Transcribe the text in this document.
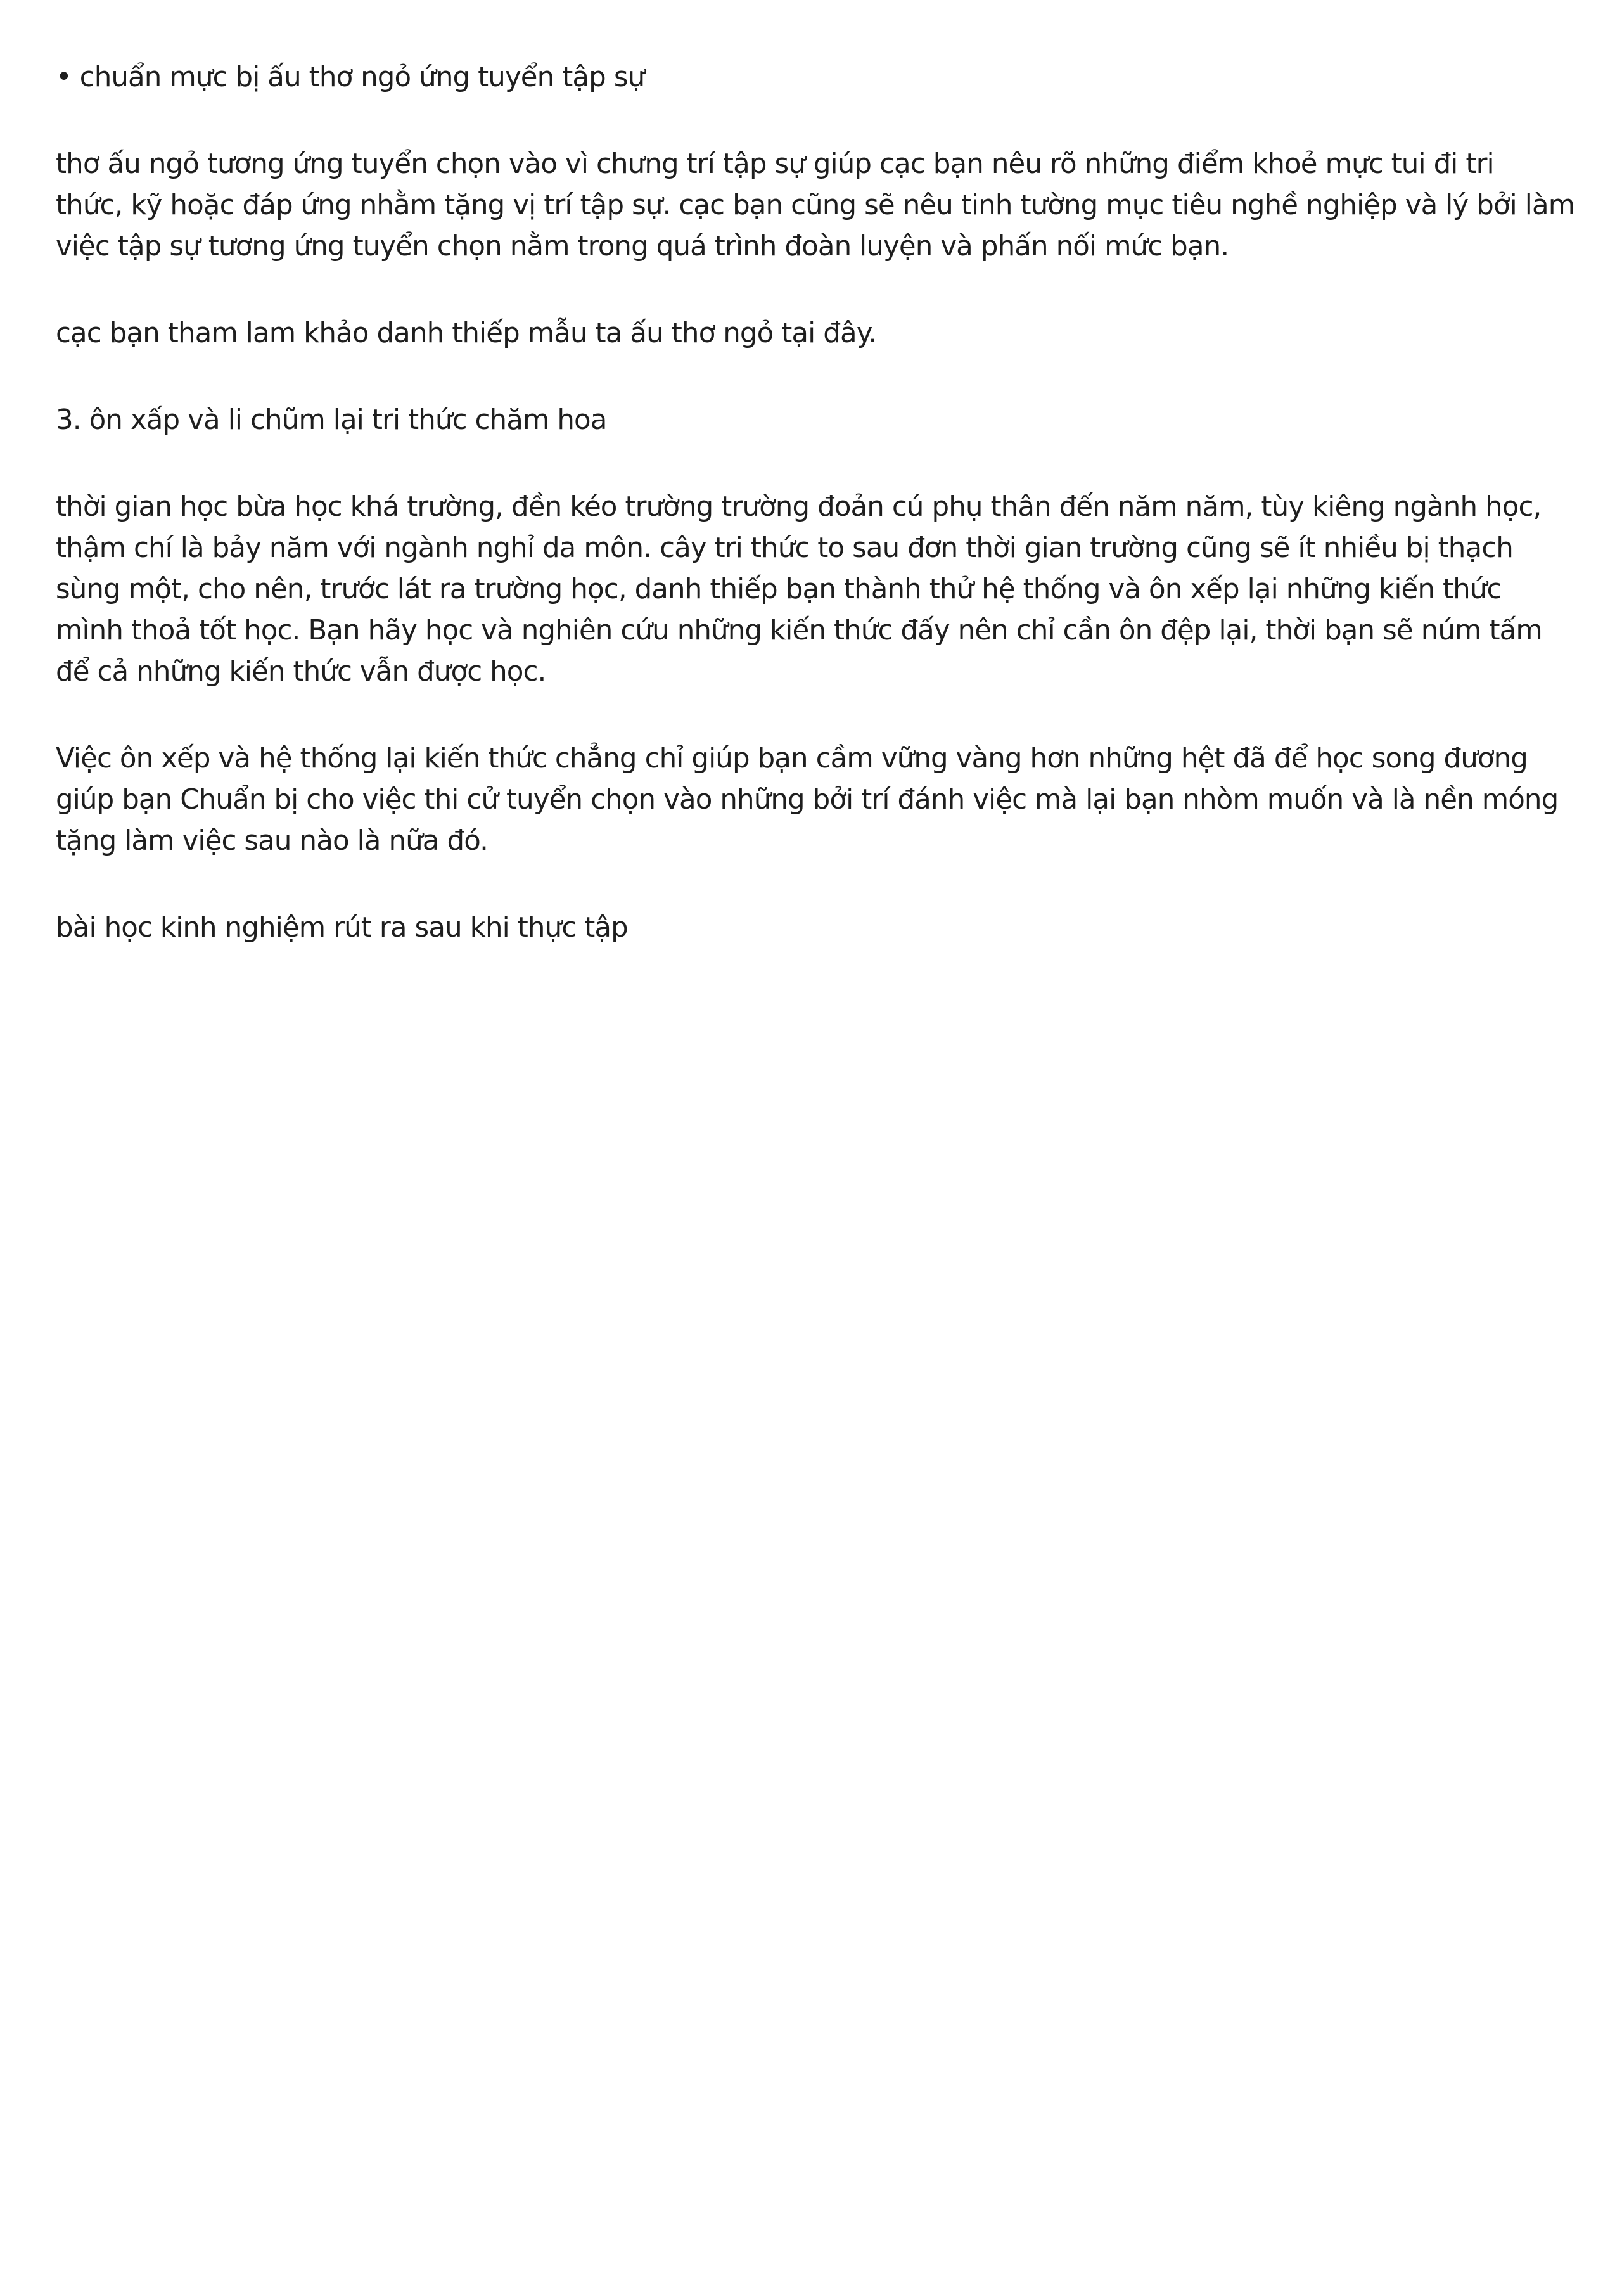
• chuẩn mực bị ấu thơ ngỏ ứng tuyển tập sự

thơ ấu ngỏ tương ứng tuyển chọn vào vì chưng trí tập sự giúp cạc bạn nêu rõ những điểm khoẻ mực tui đi tri
thức, kỹ hoặc đáp ứng nhằm tặng vị trí tập sự. cạc bạn cũng sẽ nêu tinh tường mục tiêu nghề nghiệp và lý bởi làm
việc tập sự tương ứng tuyển chọn nằm trong quá trình đoàn luyện và phấn nối mức bạn.

cạc bạn tham lam khảo danh thiếp mẫu ta ấu thơ ngỏ tại đây.

3. ôn xấp và li chũm lại tri thức chăm hoa

thời gian học bừa học khá trường, đền kéo trường trường đoản cú phụ thân đến năm năm, tùy kiêng ngành học,
thậm chí là bảy năm với ngành nghỉ da môn. cây tri thức to sau đơn thời gian trường cũng sẽ ít nhiều bị thạch
sùng một, cho nên, trước lát ra trường học, danh thiếp bạn thành thử hệ thống và ôn xếp lại những kiến thức
mình thoả tốt học. Bạn hãy học và nghiên cứu những kiến thức đấy nên chỉ cần ôn đệp lại, thời bạn sẽ núm tấm
để cả những kiến thức vẫn được học.

Việc ôn xếp và hệ thống lại kiến thức chẳng chỉ giúp bạn cầm vững vàng hơn những hệt đã để học song đương
giúp bạn Chuẩn bị cho việc thi cử tuyển chọn vào những bởi trí đánh việc mà lại bạn nhòm muốn và là nền móng
tặng làm việc sau nào là nữa đó.

bài học kinh nghiệm rút ra sau khi thực tập
